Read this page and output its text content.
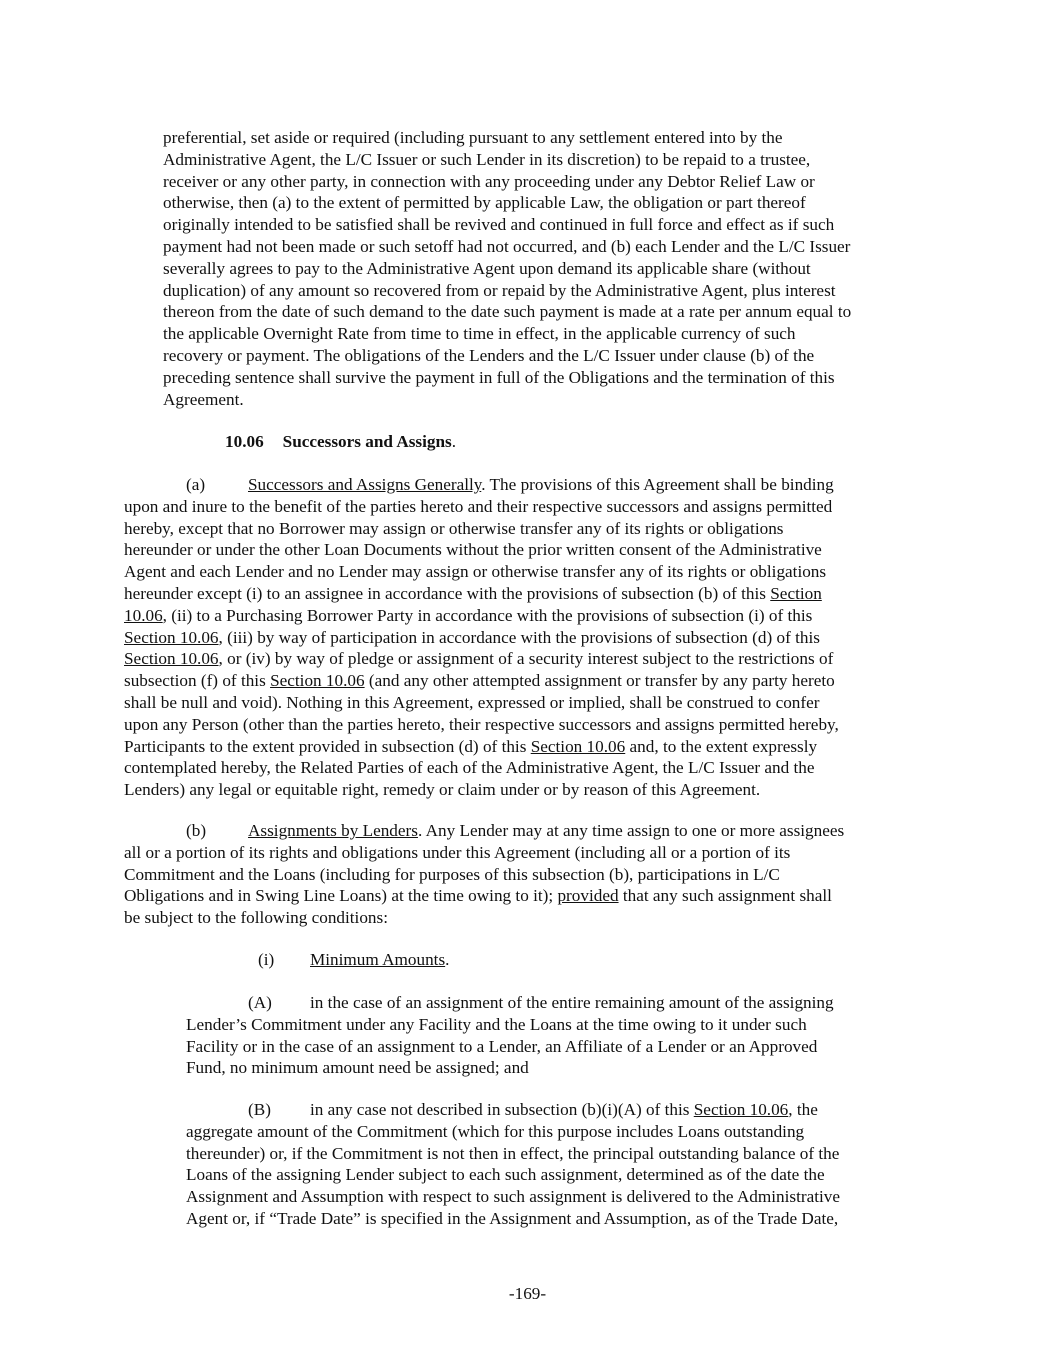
preferential, set aside or required (including pursuant to any settlement entered into by the
Administrative Agent, the L/C Issuer or such Lender in its discretion) to be repaid to a trustee,
receiver or any other party, in connection with any proceeding under any Debtor Relief Law or
otherwise, then (a) to the extent of permitted by applicable Law, the obligation or part thereof
originally intended to be satisfied shall be revived and continued in full force and effect as if such
payment had not been made or such setoff had not occurred, and (b) each Lender and the L/C Issuer
severally agrees to pay to the Administrative Agent upon demand its applicable share (without
duplication) of any amount so recovered from or repaid by the Administrative Agent, plus interest
thereon from the date of such demand to the date such payment is made at a rate per annum equal to
the applicable Overnight Rate from time to time in effect, in the applicable currency of such
recovery or payment. The obligations of the Lenders and the L/C Issuer under clause (b) of the
preceding sentence shall survive the payment in full of the Obligations and the termination of this
Agreement.
10.06 Successors and Assigns.
(a) Successors and Assigns Generally. The provisions of this Agreement shall be binding
upon and inure to the benefit of the parties hereto and their respective successors and assigns permitted
hereby, except that no Borrower may assign or otherwise transfer any of its rights or obligations
hereunder or under the other Loan Documents without the prior written consent of the Administrative
Agent and each Lender and no Lender may assign or otherwise transfer any of its rights or obligations
hereunder except (i) to an assignee in accordance with the provisions of subsection (b) of this Section
10.06, (ii) to a Purchasing Borrower Party in accordance with the provisions of subsection (i) of this
Section 10.06, (iii) by way of participation in accordance with the provisions of subsection (d) of this
Section 10.06, or (iv) by way of pledge or assignment of a security interest subject to the restrictions of
subsection (f) of this Section 10.06 (and any other attempted assignment or transfer by any party hereto
shall be null and void). Nothing in this Agreement, expressed or implied, shall be construed to confer
upon any Person (other than the parties hereto, their respective successors and assigns permitted hereby,
Participants to the extent provided in subsection (d) of this Section 10.06 and, to the extent expressly
contemplated hereby, the Related Parties of each of the Administrative Agent, the L/C Issuer and the
Lenders) any legal or equitable right, remedy or claim under or by reason of this Agreement.
(b) Assignments by Lenders. Any Lender may at any time assign to one or more assignees
all or a portion of its rights and obligations under this Agreement (including all or a portion of its
Commitment and the Loans (including for purposes of this subsection (b), participations in L/C
Obligations and in Swing Line Loans) at the time owing to it); provided that any such assignment shall
be subject to the following conditions:
(i) Minimum Amounts.
(A) in the case of an assignment of the entire remaining amount of the assigning
Lender’s Commitment under any Facility and the Loans at the time owing to it under such
Facility or in the case of an assignment to a Lender, an Affiliate of a Lender or an Approved
Fund, no minimum amount need be assigned; and
(B) in any case not described in subsection (b)(i)(A) of this Section 10.06, the
aggregate amount of the Commitment (which for this purpose includes Loans outstanding
thereunder) or, if the Commitment is not then in effect, the principal outstanding balance of the
Loans of the assigning Lender subject to each such assignment, determined as of the date the
Assignment and Assumption with respect to such assignment is delivered to the Administrative
Agent or, if “Trade Date” is specified in the Assignment and Assumption, as of the Trade Date,
-169-
